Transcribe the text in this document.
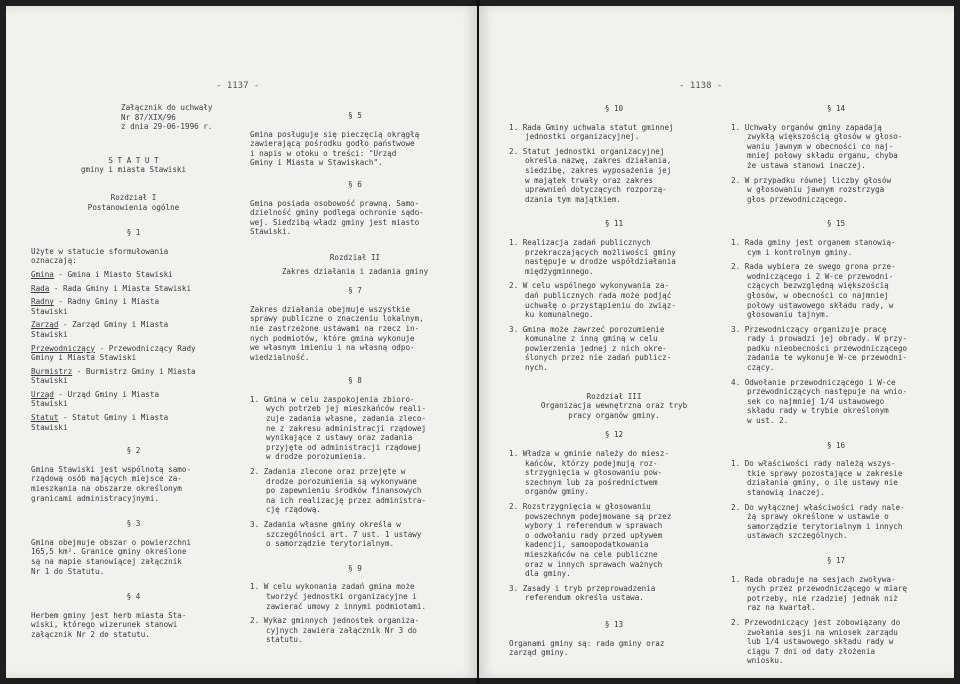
- 1137 -

Załącznik do uchwały

Nr 87/XIX/96

z dnia 29-06-1996 r.

S T A T U T

gminy i miasta Stawiski

Rozdział I

Postanowienia ogólne

§ 1

Użyte w statucie sformułowania

oznaczają:

Gmina - Gmina i Miasto Stawiski

Rada - Rada Gminy i Miasta Stawiski

Radny - Radny Gminy i Miasta

Stawiski

Zarząd - Zarząd Gminy i Miasta

Stawiski

Przewodniczący - Przewodniczący Rady

Gminy i Miasta Stawiski

Burmistrz - Burmistrz Gminy i Miasta

Stawiski

Urząd - Urząd Gminy i Miasta

Stawiski

Statut - Statut Gminy i Miasta

Stawiski

§ 2

Gmina Stawiski jest wspólnotą samo-

rządową osób mających miejsce za-

mieszkania na obszarze określonym

granicami administracyjnymi.

§ 3

Gmina obejmuje obszar o powierzchni

165,5 km². Granice gminy określone

są na mapie stanowiącej załącznik

Nr 1 do Statutu.

§ 4

Herbem gminy jest herb miasta Sta-

wiski, którego wizerunek stanowi

załącznik Nr 2 do statutu.

§ 5

Gmina posługuje się pieczęcią okrągłą

zawierającą pośrodku godło państwowe

i napis w otoku o treści: "Urząd

Gminy i Miasta w Stawiskach".

§ 6

Gmina posiada osobowość prawną. Samo-

dzielność gminy podlega ochronie sądo-

wej. Siedzibą władz gminy jest miasto

Stawiski.

Rozdział II

Zakres działania i zadania gminy

§ 7

Zakres działania obejmuje wszystkie

sprawy publiczne o znaczeniu lokalnym,

nie zastrzeżone ustawami na rzecz in-

nych podmiotów, które gmina wykonuje

we własnym imieniu i na własną odpo-

wiedzialność.

§ 8

1. Gmina w celu zaspokojenia zbioro-

wych potrzeb jej mieszkańców reali-

zuje zadania własne, zadania zleco-

ne z zakresu administracji rządowej

wynikające z ustawy oraz zadania

przyjęte od administracji rządowej

w drodze porozumienia.

2. Zadania zlecone oraz przejęte w

drodze porozumienia są wykonywane

po zapewnieniu środków finansowych

na ich realizację przez administra-

cję rządową.

3. Zadania własne gminy określa w

szczególności art. 7 ust. 1 ustawy

o samorządzie terytorialnym.

§ 9

1. W celu wykonania zadań gmina może

tworzyć jednostki organizacyjne i

zawierać umowy z innymi podmiotami.

2. Wykaz gminnych jednostek organiza-

cyjnych zawiera załącznik Nr 3 do

statutu.

- 1138 -

§ 10

1. Rada Gminy uchwala statut gminnej

jednostki organizacyjnej.

2. Statut jednostki organizacyjnej

określa nazwę, zakres działania,

siedzibę, zakres wyposażenia jej

w majątek trwały oraz zakres

uprawnień dotyczących rozporzą-

dzania tym majątkiem.

§ 11

1. Realizacja zadań publicznych

przekraczających możliwości gminy

następuje w drodze współdziałania

międzygminnego.

2. W celu wspólnego wykonywania za-

dań publicznych rada może podjąć

uchwałę o przystąpieniu do związ-

ku komunalnego.

3. Gmina może zawrzeć porozumienie

komunalne z inną gminą w celu

powierzenia jednej z nich okre-

ślonych przez nie zadań publicz-

nych.

Rozdział III

Organizacja wewnętrzna oraz tryb

pracy organów gminy.

§ 12

1. Władza w gminie należy do miesz-

kańców, którzy podejmują roz-

strzygnięcia w głosowaniu pow-

szechnym lub za pośrednictwem

organów gminy.

2. Rozstrzygnięcia w głosowaniu

powszechnym podejmowane są przez

wybory i referendum w sprawach

o odwołaniu rady przed upływem

kadencji, samoopodatkowania

mieszkańców na cele publiczne

oraz w innych sprawach ważnych

dla gminy.

3. Zasady i tryb przeprowadzenia

referendum określa ustawa.

§ 13

Organami gminy są: rada gminy oraz

zarząd gminy.

§ 14

1. Uchwały organów gminy zapadają

zwykłą większością głosów w głoso-

waniu jawnym w obecności co naj-

mniej połowy składu organu, chyba

że ustawa stanowi inaczej.

2. W przypadku równej liczby głosów

w głosowaniu jawnym rozstrzyga

głos przewodniczącego.

§ 15

1. Rada gminy jest organem stanowią-

cym i kontrolnym gminy.

2. Rada wybiera ze swego grona prze-

wodniczącego i 2 W-ce przewodni-

czących bezwzględną większością

głosów, w obecności co najmniej

połowy ustawowego składu rady, w

głosowaniu tajnym.

3. Przewodniczący organizuje pracę

rady i prowadzi jej obrady. W przy-

padku nieobecności przewodniczącego

zadania te wykonuje W-ce przewodni-

czący.

4. Odwołanie przewodniczącego i W-ce

przewodniczących następuje na wnio-

sek co najmniej 1/4 ustawowego

składu rady w trybie określonym

w ust. 2.

§ 16

1. Do właściwości rady należą wszys-

tkie sprawy pozostające w zakresie

działania gminy, o ile ustawy nie

stanowią inaczej.

2. Do wyłącznej właściwości rady nale-

żą sprawy określone w ustawie o

samorządzie terytorialnym i innych

ustawach szczególnych.

§ 17

1. Rada obraduje na sesjach zwoływa-

nych przez przewodniczącego w miarę

potrzeby, nie rzadziej jednak niż

raz na kwartał.

2. Przewodniczący jest zobowiązany do

zwołania sesji na wniosek zarządu

lub 1/4 ustawowego składu rady w

ciągu 7 dni od daty złożenia

wniosku.
